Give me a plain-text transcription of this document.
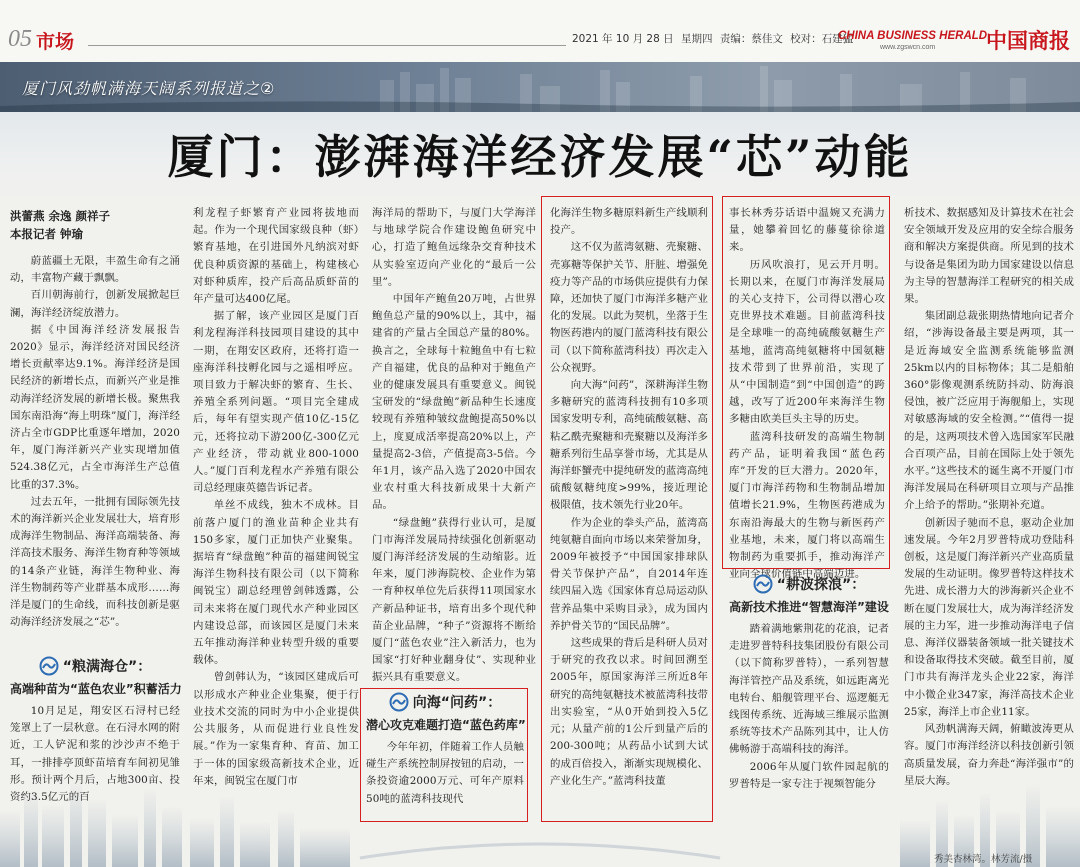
05 市场	2021 年 10 月 28 日 星期四 责编：蔡佳文 校对：石建猛
CHINA BUSINESS HERALD
www.zgswcn.com 中国商报
厦门风劲帆满海天阔系列报道之②
厦门：澎湃海洋经济发展“芯”动能
洪蕾燕 余逸 颜祥子
本报记者 钟瑜

蔚蓝疆土无限，丰盈生命有之涌动，丰富物产藏于飘飘。

百川朝海前行，创新发展掀起巨澜，海洋经济绽放潜力。

据《中国海洋经济发展报告2020》显示，海洋经济对国民经济增长贡献率达9.1%。海洋经济是国民经济的新增长点，而新兴产业是推动海洋经济发展的新增长极。聚焦我国东南沿海“海上明珠”厦门，海洋经济占全市GDP比重逐年增加，2020年，厦门海洋新兴产业实现增加值524.38亿元，占全市海洋生产总值比重的37.3%。

过去五年，一批拥有国际领先技术的海洋新兴企业发展壮大，培育形成海洋生物制品、海洋高端装备、海洋高技术服务、海洋生物育种等领域的14条产业链，海洋生物种业、海洋生物制药等产业群基本成形……海洋是厦门的生命线，而科技创新是驱动海洋经济发展之“芯”。

“粮满海仓”：
高端种苗为“蓝色农业”积蓄活力

10月足足，翔安区石浔村已经笼罩上了一层秋意。在石浔水网的附近，工人铲泥和浆的沙沙声不绝于耳，一排排亭顶虾苗培育车间初见雏形。预计两个月后，占地300亩、投资约3.5亿元的百

利龙程子虾繁育产业园将拔地而起。作为一个现代国家级良种（虾）繁育基地，在引进国外凡纳滨对虾优良种质资源的基础上，构建核心对虾种质库，投产后高品质虾苗的年产量可达400亿尾。

据了解，该产业园区是厦门百利龙程海洋科技园项目建设的其中一期，在翔安区政府，还将打造一座海洋科技孵化园与之遥相呼应。项目致力于解决虾的繁育、生长、养殖全系列问题。“项目完全建成后，每年有望实现产值10亿-15亿元，还将拉动下游200亿-300亿元产业经济，带动就业800-1000人。”厦门百利龙程水产养殖有限公司总经理康英德告诉记者。

单丝不成线，独木不成林。目前落户厦门的渔业苗种企业共有150多家，厦门正加快产业聚集。据培育“绿盘鲍”种苗的福建闽锐宝海洋生物科技有限公司（以下简称闽锐宝）副总经理曾剑韩透露，公司未来将在厦门现代水产种业园区内建设总部，而该园区是厦门未来五年推动海洋种业转型升级的重要载体。

曾剑韩认为，“该园区建成后可以形成水产种业企业集聚，便于行业技术交流的同时为中小企业提供公共服务，从而促进行业良性发展。”作为一家集育种、育苗、加工于一体的国家级高新技术企业，近年来，闽锐宝在厦门市

海洋局的帮助下，与厦门大学海洋与地球学院合作建设鲍鱼研究中心，打造了鲍鱼远缘杂交育种技术从实验室迈向产业化的“最后一公里”。

中国年产鲍鱼20万吨，占世界鲍鱼总产量的90%以上，其中，福建省的产量占全国总产量的80%。换言之，全球每十粒鲍鱼中有七粒产自福建，优良的品种对于鲍鱼产业的健康发展具有重要意义。闽锐宝研发的“绿盘鲍”新品种生长速度较现有养殖种皱纹盘鲍提高50%以上，度夏成活率提高20%以上，产量提高2-3倍，产值提高3-5倍。今年1月，该产品入选了2020中国农业农村重大科技新成果十大新产品。

“绿盘鲍”获得行业认可，是厦门市海洋发展局持续强化创新驱动厦门海洋经济发展的生动缩影。近年来，厦门涉海院校、企业作为第一育种权单位先后获得11项国家水产新品种证书，培育出多个现代种苗企业品牌，“种子”资源将不断给厦门“蓝色农业”注入新活力，也为国家“打好种业翻身仗”、实现种业振兴具有重要意义。

向海“问药”：
潜心攻克难题打造“蓝色药库”

今年年初，伴随着工作人员触碰生产系统控制屏按钮的启动，一条投资逾2000万元、可年产原料50吨的蓝湾科技现代

化海洋生物多糖原料新生产线顺利投产。

这不仅为蓝湾氨糖、壳聚糖、壳寡糖等保护关节、肝脏、增强免疫力等产品的市场供应提供有力保障，还加快了厦门市海洋多糖产业化的发展。以此为契机，坐落于生物医药港内的厦门蓝湾科技有限公司（以下简称蓝湾科技）再次走入公众视野。

向大海“问药”，深耕海洋生物多糖研究的蓝湾科技拥有10多项国家发明专利，高纯硫酸氨糖、高粘乙酰壳聚糖和壳聚糖以及海洋多糖系列衍生品享誉市场，尤其是从海洋虾蟹壳中提纯研发的蓝湾高纯硫酸氨糖纯度>99%，接近理论极限值，技术领先行业20年。

作为企业的拳头产品，蓝湾高纯氨糖自面向市场以来荣誉加身，2009年被授予“中国国家排球队骨关节保护产品”，自2014年连续四届入选《国家体育总局运动队营养品集中采购目录》，成为国内养护骨关节的“国民品牌”。

这些成果的背后是科研人员对于研究的孜孜以求。时间回溯至2005年，原国家海洋三所近8年研究的高纯氨糖技术被蓝湾科技带出实验室，“从0开始到投入5亿元；从量产前的1公斤到量产后的200-300吨；从药品小试到大试的成百倍投入，渐渐实现规模化、产业化生产。”蓝湾科技董

事长林秀芬话语中温婉又充满力量，她攀着回忆的藤蔓徐徐道来。

历风吹浪打，见云开月明。长期以来，在厦门市海洋发展局的关心支持下，公司得以潜心攻克世界技术难题。目前蓝湾科技是全球唯一的高纯硫酸氨糖生产基地，蓝湾高纯氨糖将中国氨糖技术带到了世界前沿，实现了从“中国制造”到“中国创造”的跨越，改写了近200年来海洋生物多糖由欧美巨头主导的历史。

蓝湾科技研发的高端生物制药产品，证明着我国“蓝色药库”开发的巨大潜力。2020年，厦门市海洋药物和生物制品增加值增长21.9%，生物医药港成为东南沿海最大的生物与新医药产业基地，未来，厦门将以高端生物制药为重要抓手，推动海洋产业向全球价值链中高端迈进。

“耕波探浪”：
高新技术推进“智慧海洋”建设

踏着满地紫荆花的花浪，记者走进罗普特科技集团股份有限公司（以下简称罗普特），一系列智慧海洋管控产品及系统，如远距离光电转台、船舰管理平台、巡逻艇无线图传系统、近海域三维展示监测系统等技术产品陈列其中，让人仿佛畅游于高端科技的海洋。

2006年从厦门软件园起航的罗普特是一家专注于视频智能分

析技术、数据感知及计算技术在社会安全领域开发及应用的安全综合服务商和解决方案提供商。所见到的技术与设备是集团为助力国家建设以信息为主导的智慧海洋工程研究的相关成果。

集团副总裁张期热情地向记者介绍，“涉海设备最主要是两项，其一是近海域安全监测系统能够监测25km以内的目标物体；其二是船舶360°影像观测系统防抖动、防海浪侵蚀，被广泛应用于海舰船上，实现对敏感海域的安全检测。”“值得一提的是，这两项技术曾入选国家军民融合百项产品，目前在国际上处于领先水平。”这些技术的诞生离不开厦门市海洋发展局在科研项目立项与产品推介上给予的帮助。”张期补充道。

创新因子驰而不息，驱动企业加速发展。今年2月罗普特成功登陆科创板，这是厦门海洋新兴产业高质量发展的生动证明。像罗普特这样技术先进、成长潜力大的涉海新兴企业不断在厦门发展壮大，成为海洋经济发展的主力军，进一步推动海洋电子信息、海洋仪器装备领域一批关键技术和设备取得技术突破。截至目前，厦门市共有海洋龙头企业22家，海洋中小微企业347家，海洋高技术企业25家，海洋上市企业11家。

风劲帆满海天阔，俯瞰波涛更从容。厦门市海洋经济以科技创新引领高质量发展，奋力奔赴“海洋强市”的星辰大海。

秀美杏林湾。林芳流/摄
